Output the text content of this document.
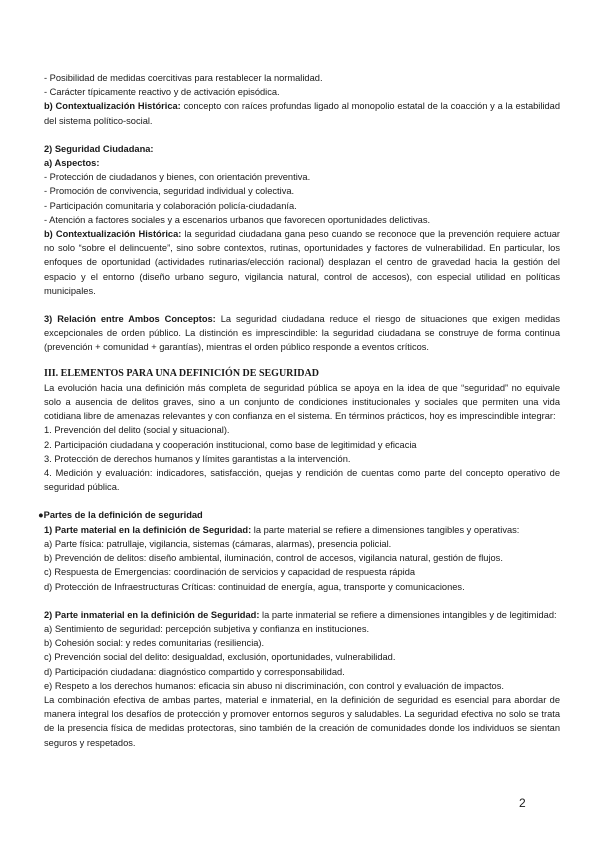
- Posibilidad de medidas coercitivas para restablecer la normalidad.

- Carácter típicamente reactivo y de activación episódica.

b) Contextualización Histórica: concepto con raíces profundas ligado al monopolio estatal de la coacción y a la estabilidad del sistema político-social.

2) Seguridad Ciudadana:

a) Aspectos:

- Protección de ciudadanos y bienes, con orientación preventiva.

- Promoción de convivencia, seguridad individual y colectiva.

- Participación comunitaria y colaboración policía-ciudadanía.

- Atención a factores sociales y a escenarios urbanos que favorecen oportunidades delictivas.

b) Contextualización Histórica: la seguridad ciudadana gana peso cuando se reconoce que la prevención requiere actuar no solo “sobre el delincuente”, sino sobre contextos, rutinas, oportunidades y factores de vulnerabilidad. En particular, los enfoques de oportunidad (actividades rutinarias/elección racional) desplazan el centro de gravedad hacia la gestión del espacio y el entorno (diseño urbano seguro, vigilancia natural, control de accesos), con especial utilidad en políticas municipales.

3) Relación entre Ambos Conceptos: La seguridad ciudadana reduce el riesgo de situaciones que exigen medidas excepcionales de orden público. La distinción es imprescindible: la seguridad ciudadana se construye de forma continua (prevención + comunidad + garantías), mientras el orden público responde a eventos críticos.

III. ELEMENTOS PARA UNA DEFINICIÓN DE SEGURIDAD

La evolución hacia una definición más completa de seguridad pública se apoya en la idea de que “seguridad” no equivale solo a ausencia de delitos graves, sino a un conjunto de condiciones institucionales y sociales que permiten una vida cotidiana libre de amenazas relevantes y con confianza en el sistema. En términos prácticos, hoy es imprescindible integrar:

1. Prevención del delito (social y situacional).

2. Participación ciudadana y cooperación institucional, como base de legitimidad y eficacia

3. Protección de derechos humanos y límites garantistas a la intervención.

4. Medición y evaluación: indicadores, satisfacción, quejas y rendición de cuentas como parte del concepto operativo de seguridad pública.

●Partes de la definición de seguridad

1) Parte material en la definición de Seguridad: la parte material se refiere a dimensiones tangibles y operativas:

a) Parte física: patrullaje, vigilancia, sistemas (cámaras, alarmas), presencia policial.

b) Prevención de delitos: diseño ambiental, iluminación, control de accesos, vigilancia natural, gestión de flujos.

c) Respuesta de Emergencias: coordinación de servicios y capacidad de respuesta rápida

d) Protección de Infraestructuras Críticas: continuidad de energía, agua, transporte y comunicaciones.

2) Parte inmaterial en la definición de Seguridad: la parte inmaterial se refiere a dimensiones intangibles y de legitimidad:

a) Sentimiento de seguridad: percepción subjetiva y confianza en instituciones.

b) Cohesión social: y redes comunitarias (resiliencia).

c) Prevención social del delito: desigualdad, exclusión, oportunidades, vulnerabilidad.

d) Participación ciudadana: diagnóstico compartido y corresponsabilidad.

e) Respeto a los derechos humanos: eficacia sin abuso ni discriminación, con control y evaluación de impactos.

La combinación efectiva de ambas partes, material e inmaterial, en la definición de seguridad es esencial para abordar de manera integral los desafíos de protección y promover entornos seguros y saludables. La seguridad efectiva no solo se trata de la presencia física de medidas protectoras, sino también de la creación de comunidades donde los individuos se sientan seguros y respetados.

2
